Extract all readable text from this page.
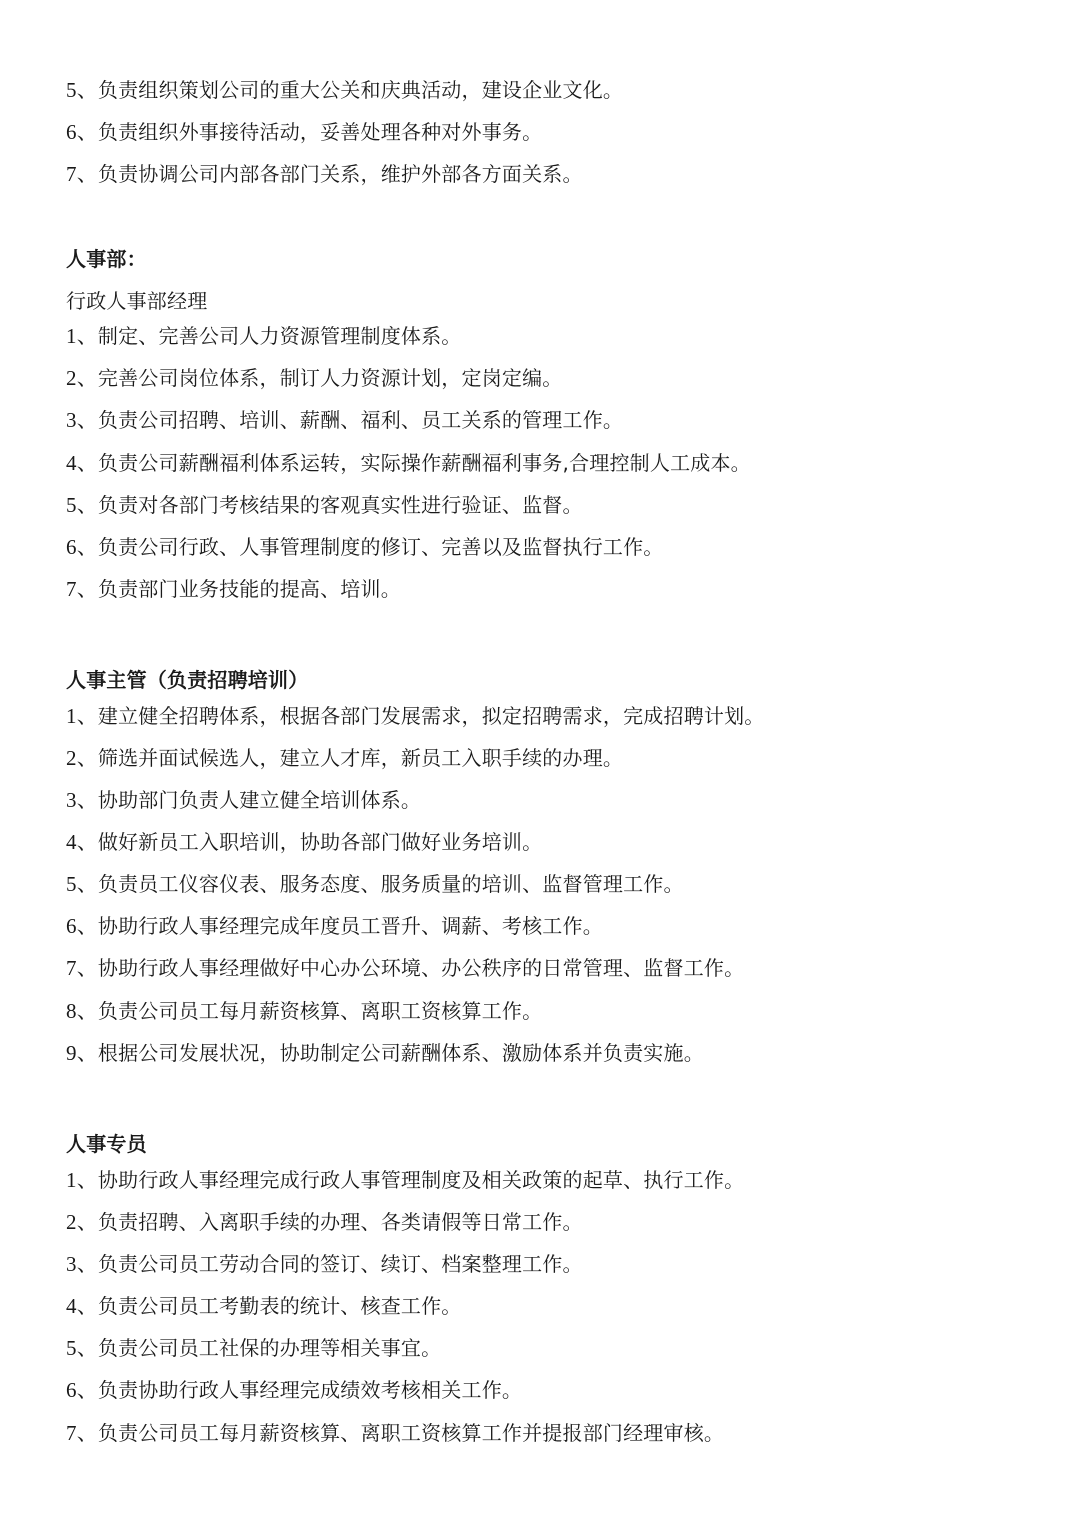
5、负责组织策划公司的重大公关和庆典活动，建设企业文化。
6、负责组织外事接待活动，妥善处理各种对外事务。
7、负责协调公司内部各部门关系，维护外部各方面关系。
人事部：
行政人事部经理
1、制定、完善公司人力资源管理制度体系。
2、完善公司岗位体系，制订人力资源计划，定岗定编。
3、负责公司招聘、培训、薪酬、福利、员工关系的管理工作。
4、负责公司薪酬福利体系运转，实际操作薪酬福利事务,合理控制人工成本。
5、负责对各部门考核结果的客观真实性进行验证、监督。
6、负责公司行政、人事管理制度的修订、完善以及监督执行工作。
7、负责部门业务技能的提高、培训。
人事主管（负责招聘培训）
1、建立健全招聘体系，根据各部门发展需求，拟定招聘需求，完成招聘计划。
2、筛选并面试候选人，建立人才库，新员工入职手续的办理。
3、协助部门负责人建立健全培训体系。
4、做好新员工入职培训，协助各部门做好业务培训。
5、负责员工仪容仪表、服务态度、服务质量的培训、监督管理工作。
6、协助行政人事经理完成年度员工晋升、调薪、考核工作。
7、协助行政人事经理做好中心办公环境、办公秩序的日常管理、监督工作。
8、负责公司员工每月薪资核算、离职工资核算工作。
9、根据公司发展状况，协助制定公司薪酬体系、激励体系并负责实施。
人事专员
1、协助行政人事经理完成行政人事管理制度及相关政策的起草、执行工作。
2、负责招聘、入离职手续的办理、各类请假等日常工作。
3、负责公司员工劳动合同的签订、续订、档案整理工作。
4、负责公司员工考勤表的统计、核查工作。
5、负责公司员工社保的办理等相关事宜。
6、负责协助行政人事经理完成绩效考核相关工作。
7、负责公司员工每月薪资核算、离职工资核算工作并提报部门经理审核。
